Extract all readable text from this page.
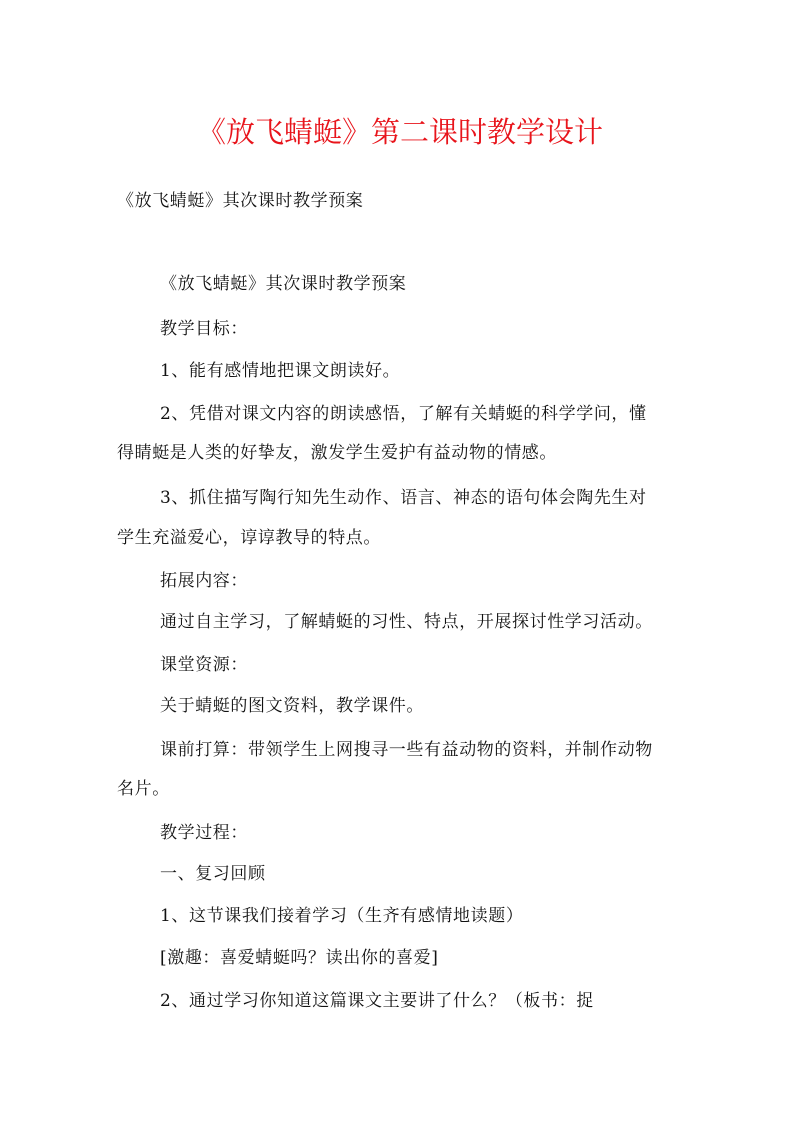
《放飞蜻蜓》第二课时教学设计

《放飞蜻蜓》其次课时教学预案

《放飞蜻蜓》其次课时教学预案

教学目标：

1、能有感情地把课文朗读好。

2、凭借对课文内容的朗读感悟，了解有关蜻蜓的科学学问，懂

得睛蜓是人类的好挚友，激发学生爱护有益动物的情感。

3、抓住描写陶行知先生动作、语言、神态的语句体会陶先生对

学生充溢爱心，谆谆教导的特点。

拓展内容：

通过自主学习，了解蜻蜓的习性、特点，开展探讨性学习活动。

课堂资源：

关于蜻蜓的图文资料，教学课件。

课前打算：带领学生上网搜寻一些有益动物的资料，并制作动物

名片。

教学过程：

一、复习回顾

1、这节课我们接着学习（生齐有感情地读题）

[激趣：喜爱蜻蜓吗？读出你的喜爱]

2、通过学习你知道这篇课文主要讲了什么？（板书：捉
